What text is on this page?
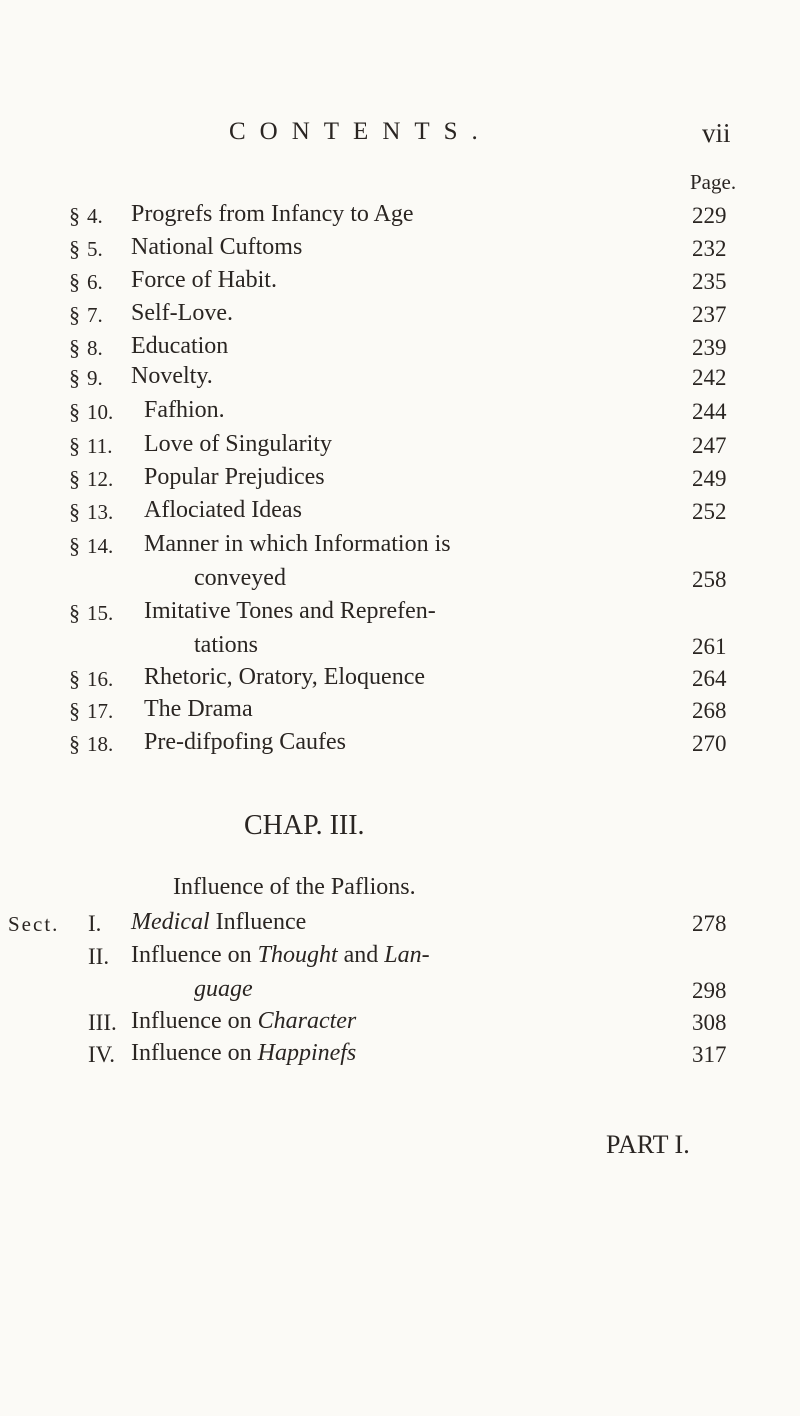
CONTENTS.	vii
Page.
§ 4. Progrefs from Infancy to Age	229
§ 5. National Cuftoms	232
§ 6. Force of Habit.	235
§ 7. Self-Love.	237
§ 8. Education	239
§ 9. Novelty.	242
§ 10. Fafhion.	244
§ 11. Love of Singularity	247
§ 12. Popular Prejudices	249
§ 13. Aflociated Ideas	252
§ 14. Manner in which Information is
conveyed	258
§ 15. Imitative Tones and Reprefen-
tations	261
§ 16. Rhetoric, Oratory, Eloquence	264
§ 17. The Drama	268
§ 18. Pre-difpofing Caufes	270
CHAP. III.
Influence of the Paflions.
Sect. I. Medical Influence	278
II. Influence on Thought and Lan-
guage	298
III. Influence on Character	308
IV. Influence on Happinefs	317
PART I.
